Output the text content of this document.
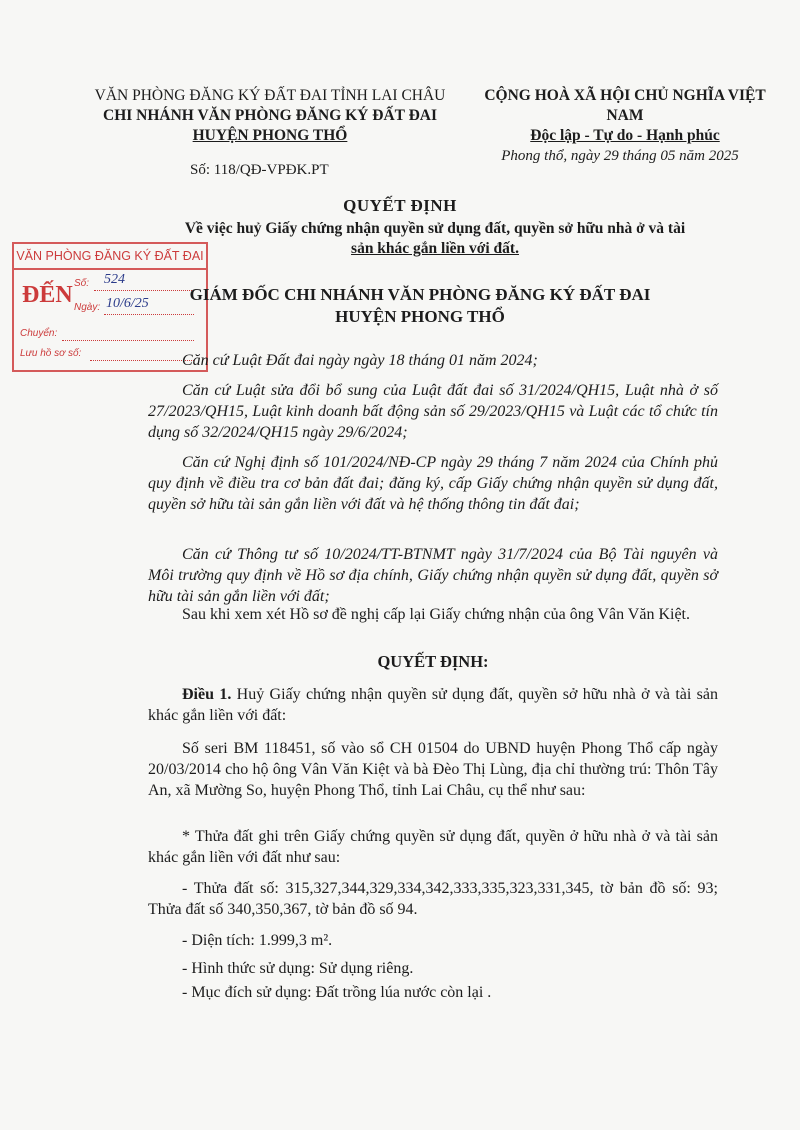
VĂN PHÒNG ĐĂNG KÝ ĐẤT ĐAI TỈNH LAI CHÂU
CHI NHÁNH VĂN PHÒNG ĐĂNG KÝ ĐẤT ĐAI
HUYỆN PHONG THỔ
CỘNG HOÀ XÃ HỘI CHỦ NGHĨA VIỆT NAM
Độc lập - Tự do - Hạnh phúc
Phong thổ, ngày 29 tháng 05 năm 2025
Số: 118/QĐ-VPĐK.PT
QUYẾT ĐỊNH
Về việc huỷ Giấy chứng nhận quyền sử dụng đất, quyền sở hữu nhà ở và tài
sản khác gắn liền với đất.
VĂN PHÒNG ĐĂNG KÝ ĐẤT ĐAI
ĐẾN Số: 524
Ngày: 10/6/25
Chuyển:
Lưu hồ sơ số:
GIÁM ĐỐC CHI NHÁNH VĂN PHÒNG ĐĂNG KÝ ĐẤT ĐAI
HUYỆN PHONG THỔ
Căn cứ Luật Đất đai ngày ngày 18 tháng 01 năm 2024;
Căn cứ Luật sửa đổi bổ sung của Luật đất đai số 31/2024/QH15, Luật nhà ở số 27/2023/QH15, Luật kinh doanh bất động sản số 29/2023/QH15 và Luật các tổ chức tín dụng số 32/2024/QH15 ngày 29/6/2024;
Căn cứ Nghị định số 101/2024/NĐ-CP ngày 29 tháng 7 năm 2024 của Chính phủ quy định về điều tra cơ bản đất đai; đăng ký, cấp Giấy chứng nhận quyền sử dụng đất, quyền sở hữu tài sản gắn liền với đất và hệ thống thông tin đất đai;
Căn cứ Thông tư số 10/2024/TT-BTNMT ngày 31/7/2024 của Bộ Tài nguyên và Môi trường quy định về Hồ sơ địa chính, Giấy chứng nhận quyền sử dụng đất, quyền sở hữu tài sản gắn liền với đất;
Sau khi xem xét Hồ sơ đề nghị cấp lại Giấy chứng nhận của ông Vân Văn Kiệt.
QUYẾT ĐỊNH:
Điều 1. Huỷ Giấy chứng nhận quyền sử dụng đất, quyền sở hữu nhà ở và tài sản khác gắn liền với đất:
Số seri BM 118451, số vào sổ CH 01504 do UBND huyện Phong Thổ cấp ngày 20/03/2014 cho hộ ông Vân Văn Kiệt và bà Đèo Thị Lùng, địa chỉ thường trú: Thôn Tây An, xã Mường So, huyện Phong Thổ, tỉnh Lai Châu, cụ thể như sau:
* Thửa đất ghi trên Giấy chứng quyền sử dụng đất, quyền ở hữu nhà ở và tài sản khác gắn liền với đất như sau:
- Thửa đất số: 315,327,344,329,334,342,333,335,323,331,345, tờ bản đồ số: 93; Thửa đất số 340,350,367, tờ bản đồ số 94.
- Diện tích: 1.999,3 m².
- Hình thức sử dụng: Sử dụng riêng.
- Mục đích sử dụng: Đất trồng lúa nước còn lại .
